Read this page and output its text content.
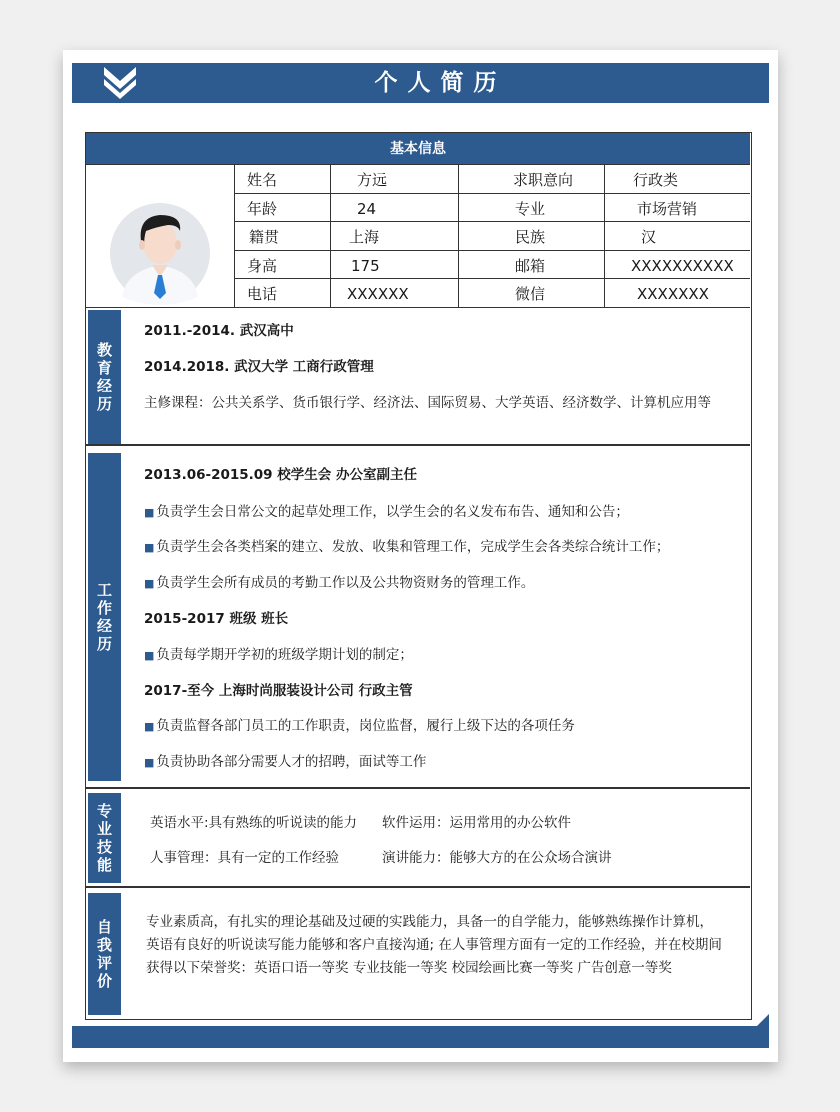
个人简历
基本信息
姓名	方远	求职意向	行政类
年龄	24	专业	市场营销
籍贯	上海	民族	汉
身高	175	邮箱	XXXXXXXXXX
电话	XXXXXX	微信	XXXXXXX
教育经历
2011.-2014. 武汉高中
2014.2018. 武汉大学 工商行政管理
主修课程：公共关系学、货币银行学、经济法、国际贸易、大学英语、经济数学、计算机应用等
工作经历
2013.06-2015.09 校学生会 办公室副主任
■ 负责学生会日常公文的起草处理工作，以学生会的名义发布布告、通知和公告；
■ 负责学生会各类档案的建立、发放、收集和管理工作，完成学生会各类综合统计工作；
■ 负责学生会所有成员的考勤工作以及公共物资财务的管理工作。
2015-2017 班级 班长
■ 负责每学期开学初的班级学期计划的制定；
2017-至今 上海时尚服装设计公司 行政主管
■ 负责监督各部门员工的工作职责，岗位监督，履行上级下达的各项任务
■ 负责协助各部分需要人才的招聘，面试等工作
专业技能
英语水平:具有熟练的听说读的能力 软件运用：运用常用的办公软件
人事管理：具有一定的工作经验	演讲能力：能够大方的在公众场合演讲
自我评价
专业素质高，有扎实的理论基础及过硬的实践能力，具备一的自学能力，能够熟练操作计算机，英语有良好的听说读写能力能够和客户直接沟通; 在人事管理方面有一定的工作经验，并在校期间获得以下荣誉奖：英语口语一等奖 专业技能一等奖 校园绘画比赛一等奖 广告创意一等奖
